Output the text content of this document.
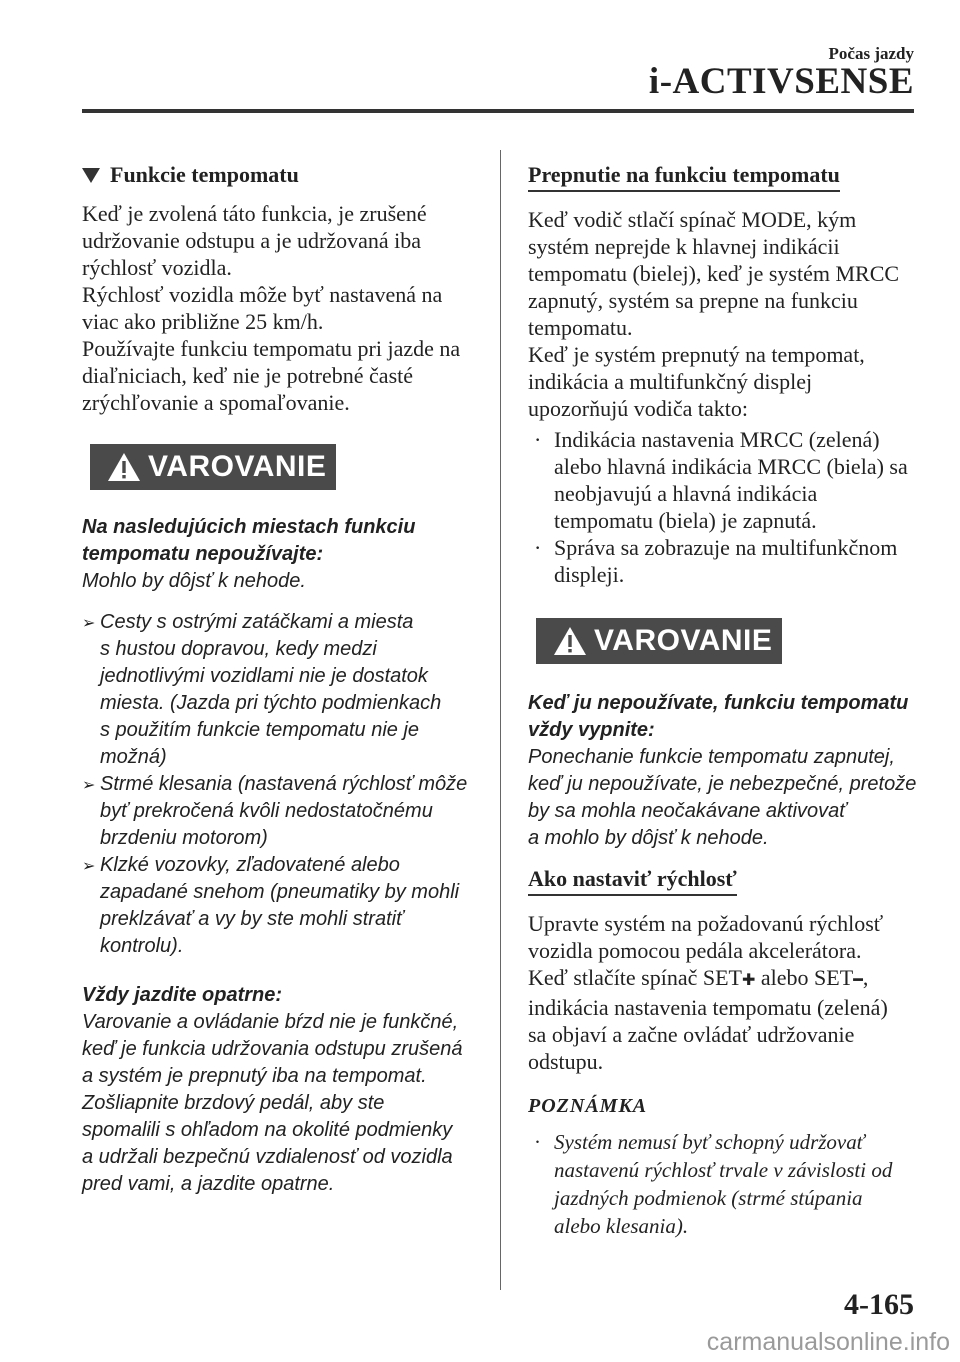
Počas jazdy
i-ACTIVSENSE
Funkcie tempomatu

Keď je zvolená táto funkcia, je zrušené

udržovanie odstupu a je udržovaná iba

rýchlosť vozidla.

Rýchlosť vozidla môže byť nastavená na

viac ako približne 25 km/h.

Používajte funkciu tempomatu pri jazde na

diaľniciach, keď nie je potrebné časté

zrýchľovanie a spomaľovanie.

VAROVANIE

Na nasledujúcich miestach funkciu

tempomatu nepoužívajte:

Mohlo by dôjsť k nehode.

➢ Cesty s ostrými zatáčkami a miesta
s hustou dopravou, kedy medzi
jednotlivými vozidlami nie je dostatok
miesta. (Jazda pri týchto podmienkach
s použitím funkcie tempomatu nie je
možná)
➢ Strmé klesania (nastavená rýchlosť môže
byť prekročená kvôli nedostatočnému
brzdeniu motorom)
➢ Klzké vozovky, zľadovatené alebo
zapadané snehom (pneumatiky by mohli
preklzávať a vy by ste mohli stratiť
kontrolu).

Vždy jazdite opatrne:

Varovanie a ovládanie bŕzd nie je funkčné,

keď je funkcia udržovania odstupu zrušená

a systém je prepnutý iba na tempomat.

Zošliapnite brzdový pedál, aby ste

spomalili s ohľadom na okolité podmienky

a udržali bezpečnú vzdialenosť od vozidla

pred vami, a jazdite opatrne.

Prepnutie na funkciu tempomatu

Keď vodič stlačí spínač MODE, kým

systém neprejde k hlavnej indikácii

tempomatu (bielej), keď je systém MRCC

zapnutý, systém sa prepne na funkciu

tempomatu.

Keď je systém prepnutý na tempomat,

indikácia a multifunkčný displej

upozorňujú vodiča takto:

· Indikácia nastavenia MRCC (zelená)
alebo hlavná indikácia MRCC (biela) sa
neobjavujú a hlavná indikácia
tempomatu (biela) je zapnutá.
· Správa sa zobrazuje na multifunkčnom
displeji.
VAROVANIE

Keď ju nepoužívate, funkciu tempomatu

vždy vypnite:

Ponechanie funkcie tempomatu zapnutej,

keď ju nepoužívate, je nebezpečné, pretože

by sa mohla neočakávane aktivovať

a mohlo by dôjsť k nehode.

Ako nastaviť rýchlosť

Upravte systém na požadovanú rýchlosť

vozidla pomocou pedála akcelerátora.

Keď stlačíte spínač SET✚ alebo SET━,

indikácia nastavenia tempomatu (zelená)

sa objaví a začne ovládať udržovanie

odstupu.

POZNÁMKA

· Systém nemusí byť schopný udržovať
nastavenú rýchlosť trvale v závislosti od
jazdných podmienok (strmé stúpania
alebo klesania).
4-165
carmanualsonline.info
